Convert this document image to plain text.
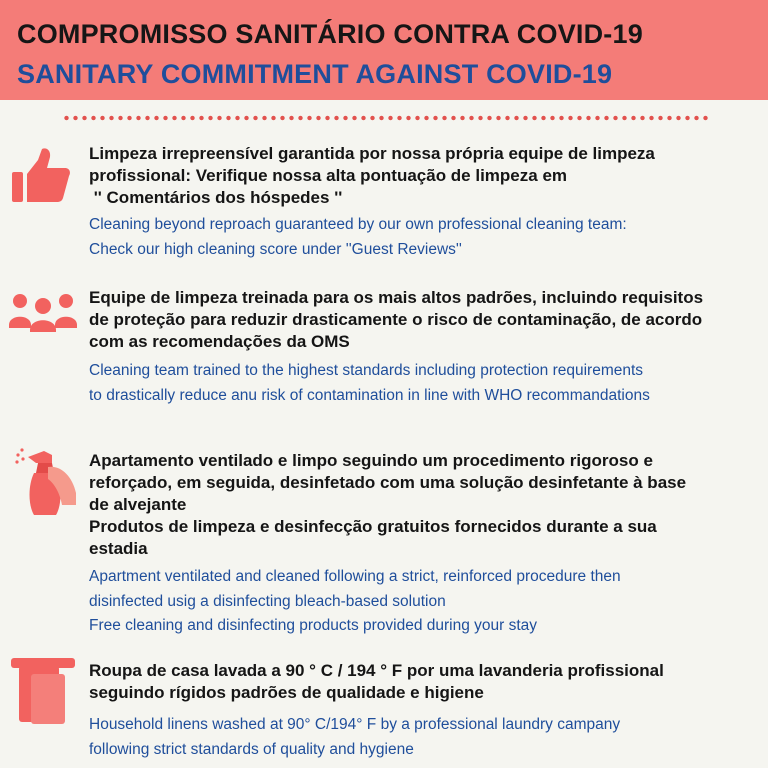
COMPROMISSO SANITÁRIO CONTRA COVID-19
SANITARY COMMITMENT AGAINST COVID-19
Limpeza irrepreensível garantida por nossa própria equipe de limpeza
profissional: Verifique nossa alta pontuação de limpeza em
'' Comentários dos hóspedes ''
Cleaning beyond reproach guaranteed by our own professional cleaning team:
Check our high cleaning score under ''Guest Reviews''
Equipe de limpeza treinada para os mais altos padrões, incluindo requisitos
de proteção para reduzir drasticamente o risco de contaminação, de acordo
com as recomendações da OMS
Cleaning team trained to the highest standards including protection requirements
to drastically reduce anu risk of contamination in line with WHO recommandations
Apartamento ventilado e limpo seguindo um procedimento rigoroso e
reforçado, em seguida, desinfetado com uma solução desinfetante à base
de alvejante
Produtos de limpeza e desinfecção gratuitos fornecidos durante a sua
estadia
Apartment ventilated and cleaned following a strict, reinforced procedure then
disinfected usig a disinfecting bleach-based solution
Free cleaning and disinfecting products provided during your stay
Roupa de casa lavada a 90 ° C / 194 ° F por uma lavanderia profissional
seguindo rígidos padrões de qualidade e higiene
Household linens washed at 90° C/194° F by a professional laundry campany
following strict standards of quality and hygiene
